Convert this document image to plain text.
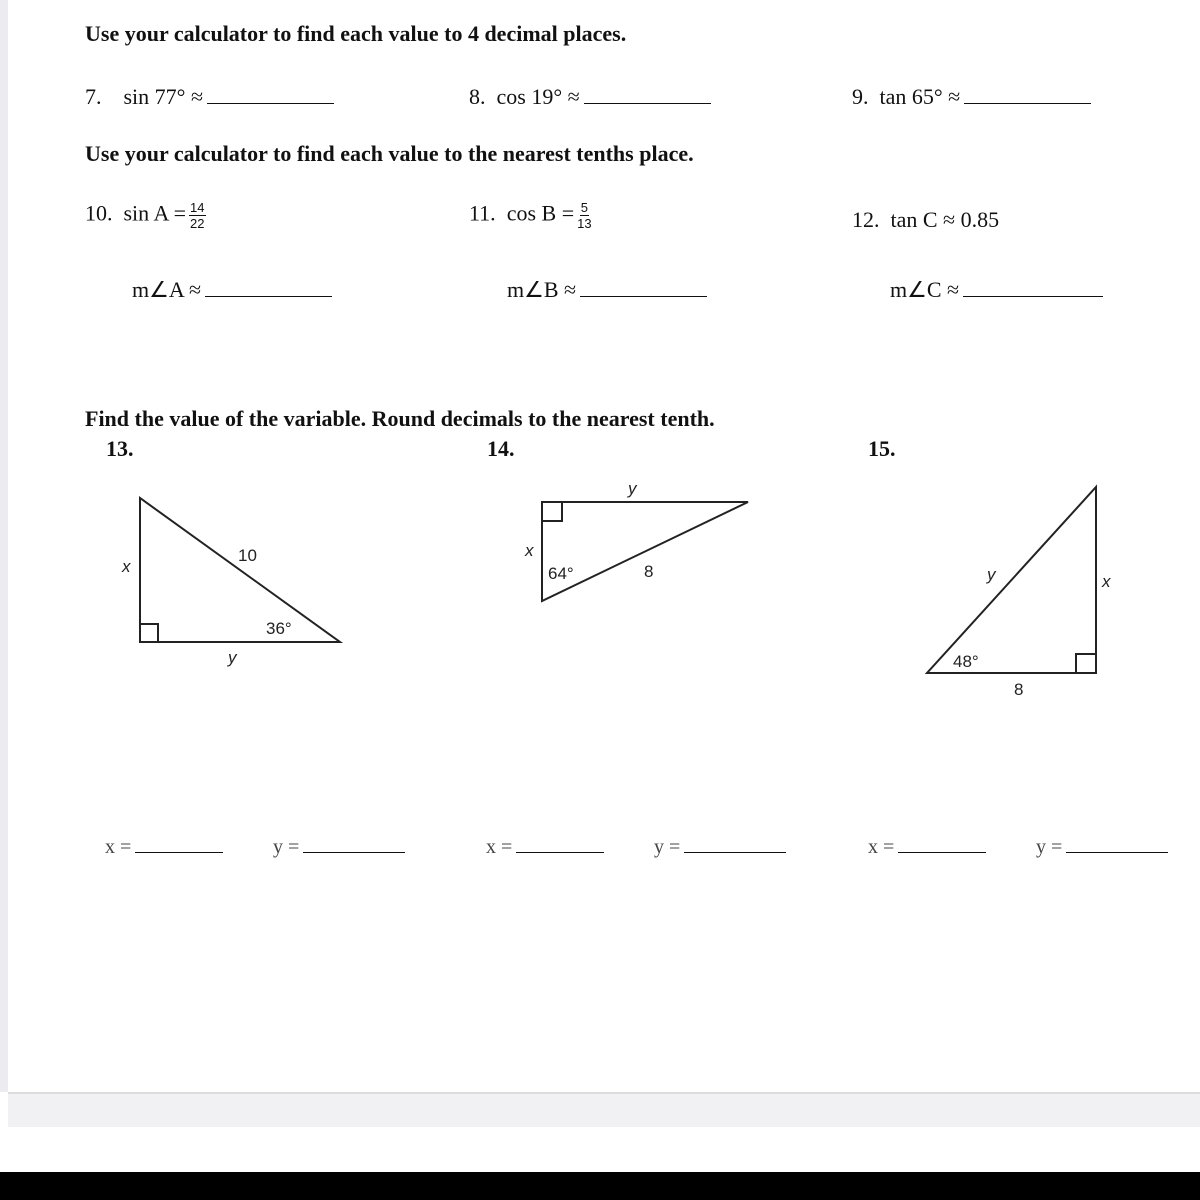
Use your calculator to find each value to 4 decimal places.
7. sin 77° ≈	8. cos 19° ≈	9. tan 65° ≈
Use your calculator to find each value to the nearest tenths place.
10. $\sin A = \frac{14}{22}$	11. $\cos B = \frac{5}{13}$	12. tan C ≈ 0.85
m∠A ≈	m∠B ≈	m∠C ≈
Find the value of the variable. Round decimals to the nearest tenth.
13.	14.	15.
x
10
36°
y
y
x
64°	8	y	x
48°
8
x =	y =	x =	y =	x =	y =
